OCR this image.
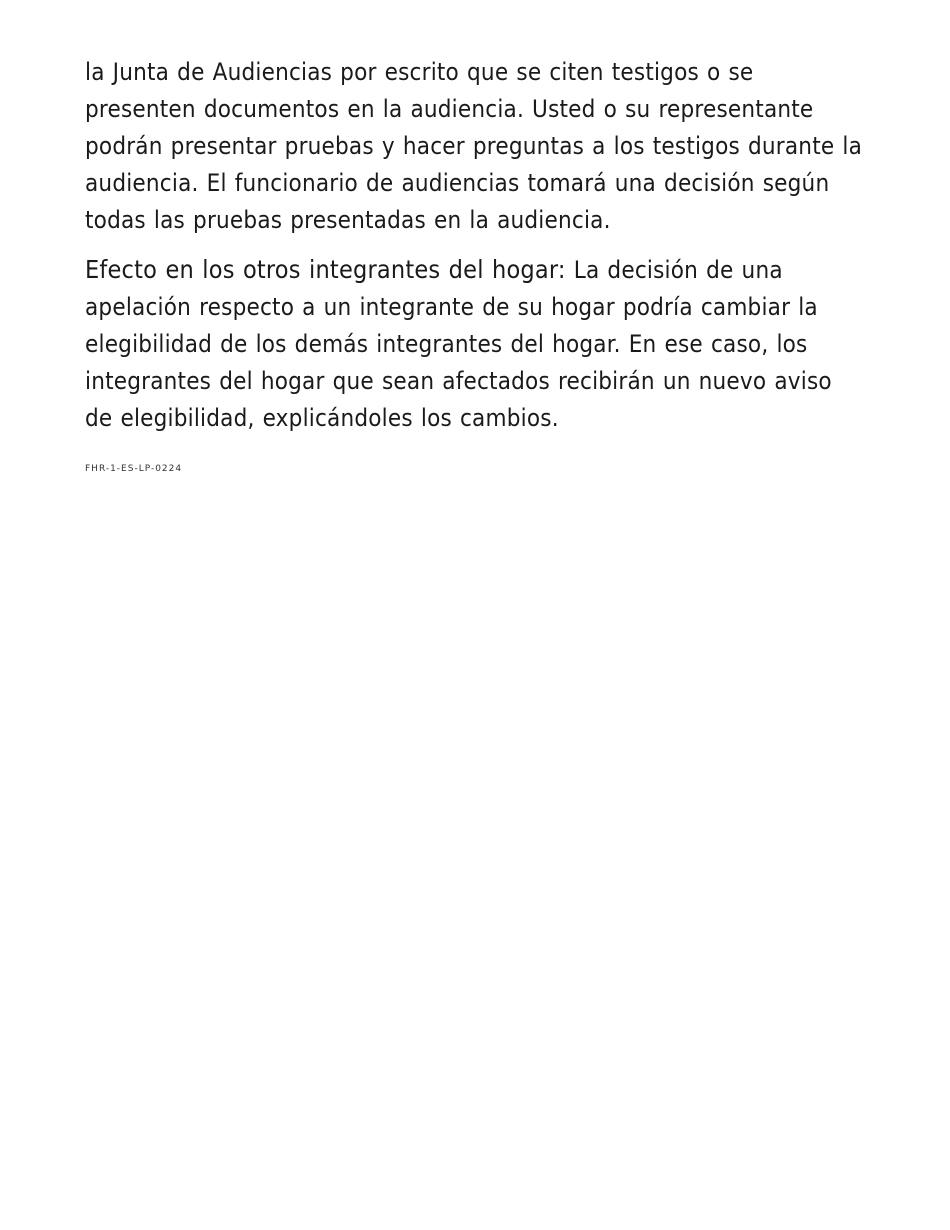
la Junta de Audiencias por escrito que se citen testigos o se presenten documentos en la audiencia. Usted o su representante podrán presentar pruebas y hacer preguntas a los testigos durante la audiencia. El funcionario de audiencias tomará una decisión según todas las pruebas presentadas en la audiencia.

Efecto en los otros integrantes del hogar: La decisión de una apelación respecto a un integrante de su hogar podría cambiar la elegibilidad de los demás integrantes del hogar. En ese caso, los integrantes del hogar que sean afectados recibirán un nuevo aviso de elegibilidad, explicándoles los cambios.

FHR-1-ES-LP-0224
